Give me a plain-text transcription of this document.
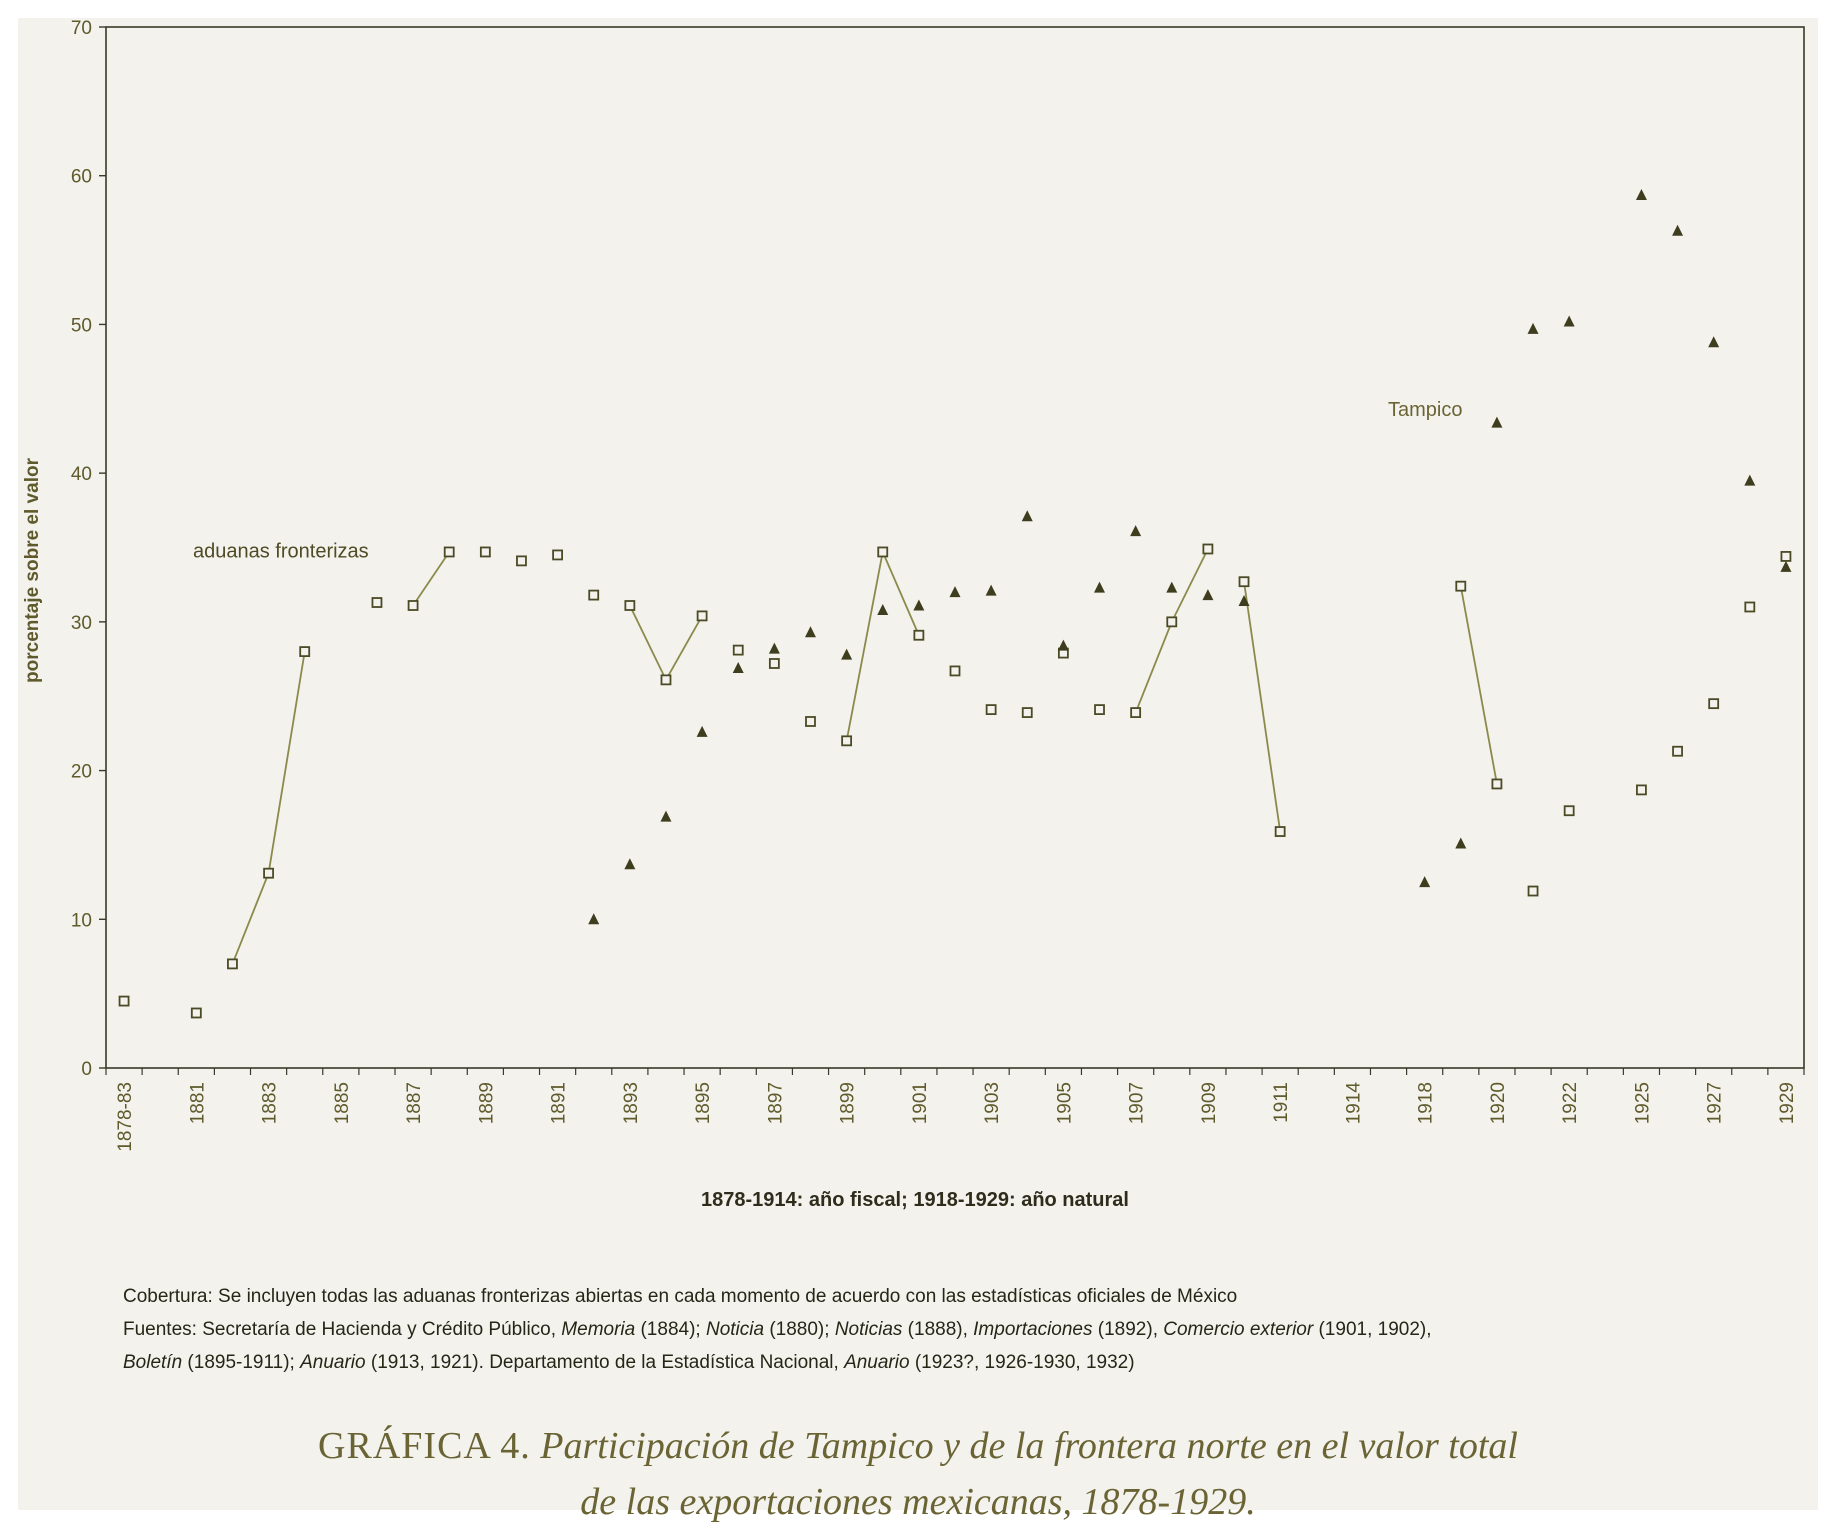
0
10
20
30
40
50
60
70
1878-83	1881	1883	1885	1887	1889	1891	1893	1895	1897	1899	1901	1903	1905	1907	1909	1911	1914	1918	1920	1922	1925	1927	1929
porcentaje sobre el valor
1878-1914: año fiscal; 1918-1929: año natural
aduanas fronterizas
Tampico

Cobertura: Se incluyen todas las aduanas fronterizas abiertas en cada momento de acuerdo con las estadísticas oficiales de México

Fuentes: Secretaría de Hacienda y Crédito Público, Memoria (1884); Noticia (1880); Noticias (1888), Importaciones (1892), Comercio exterior (1901, 1902),

Boletín (1895-1911); Anuario (1913, 1921). Departamento de la Estadística Nacional, Anuario (1923?, 1926-1930, 1932)

GRÁFICA 4. Participación de Tampico y de la frontera norte en el valor total
de las exportaciones mexicanas, 1878-1929.
